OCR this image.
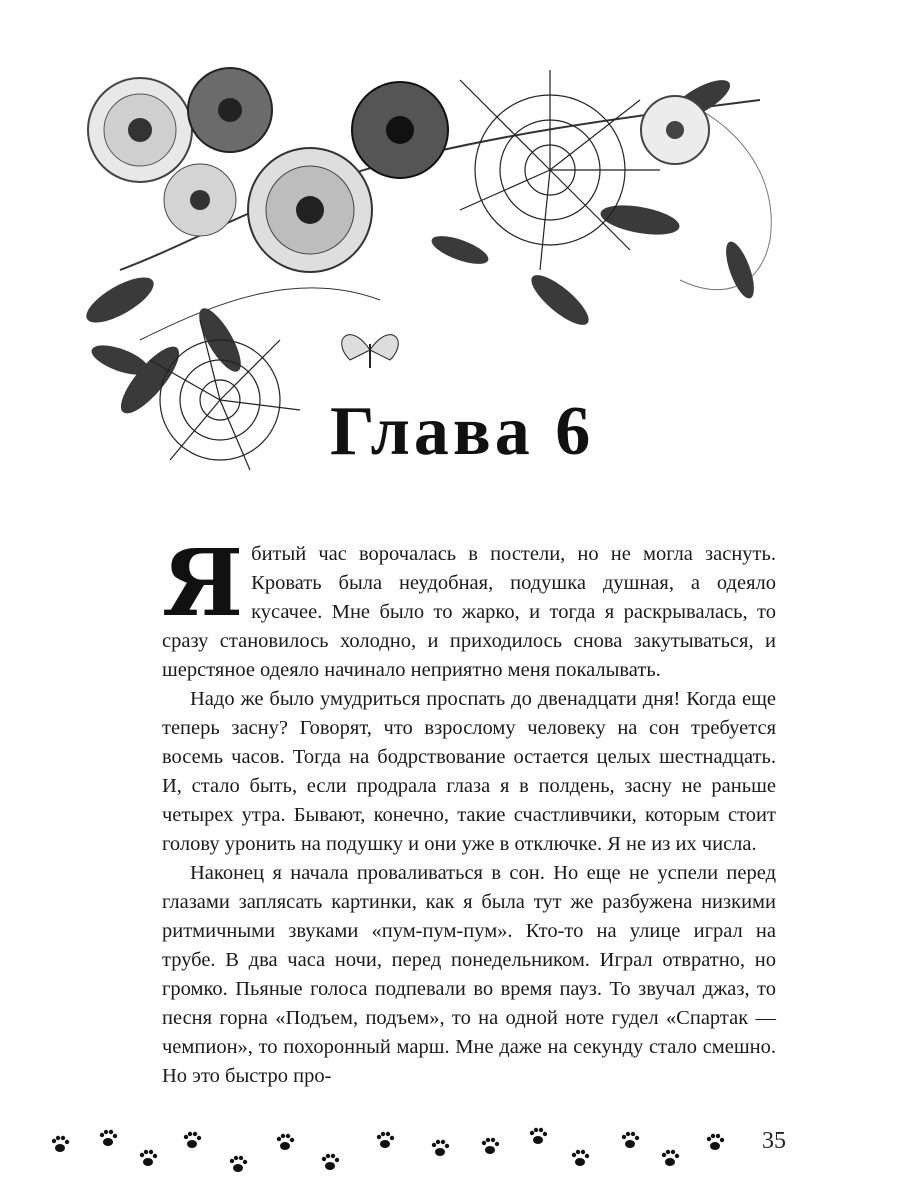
Глава 6

Ябитый час ворочалась в постели, но не могла заснуть. Кровать была неудобная, подушка душная, а одеяло кусачее. Мне было то жарко, и тогда я раскрывалась, то сразу становилось холодно, и приходилось снова закутываться, и шерстяное одеяло начинало неприятно меня покалывать.

Надо же было умудриться проспать до двенадцати дня! Когда еще теперь засну? Говорят, что взрослому человеку на сон требуется восемь часов. Тогда на бодрствование остается целых шестнадцать. И, стало быть, если продрала глаза я в полдень, засну не раньше четырех утра. Бывают, конечно, такие счастливчики, которым стоит голову уронить на подушку и они уже в отключке. Я не из их числа.

Наконец я начала проваливаться в сон. Но еще не успели перед глазами заплясать картинки, как я была тут же разбужена низкими ритмичными звуками «пум-пум-пум». Кто-то на улице играл на трубе. В два часа ночи, перед понедельником. Играл отвратно, но громко. Пьяные голоса подпевали во время пауз. То звучал джаз, то песня горна «Подъем, подъем», то на одной ноте гудел «Спартак — чемпион», то похоронный марш. Мне даже на секунду стало смешно. Но это быстро про-

35
